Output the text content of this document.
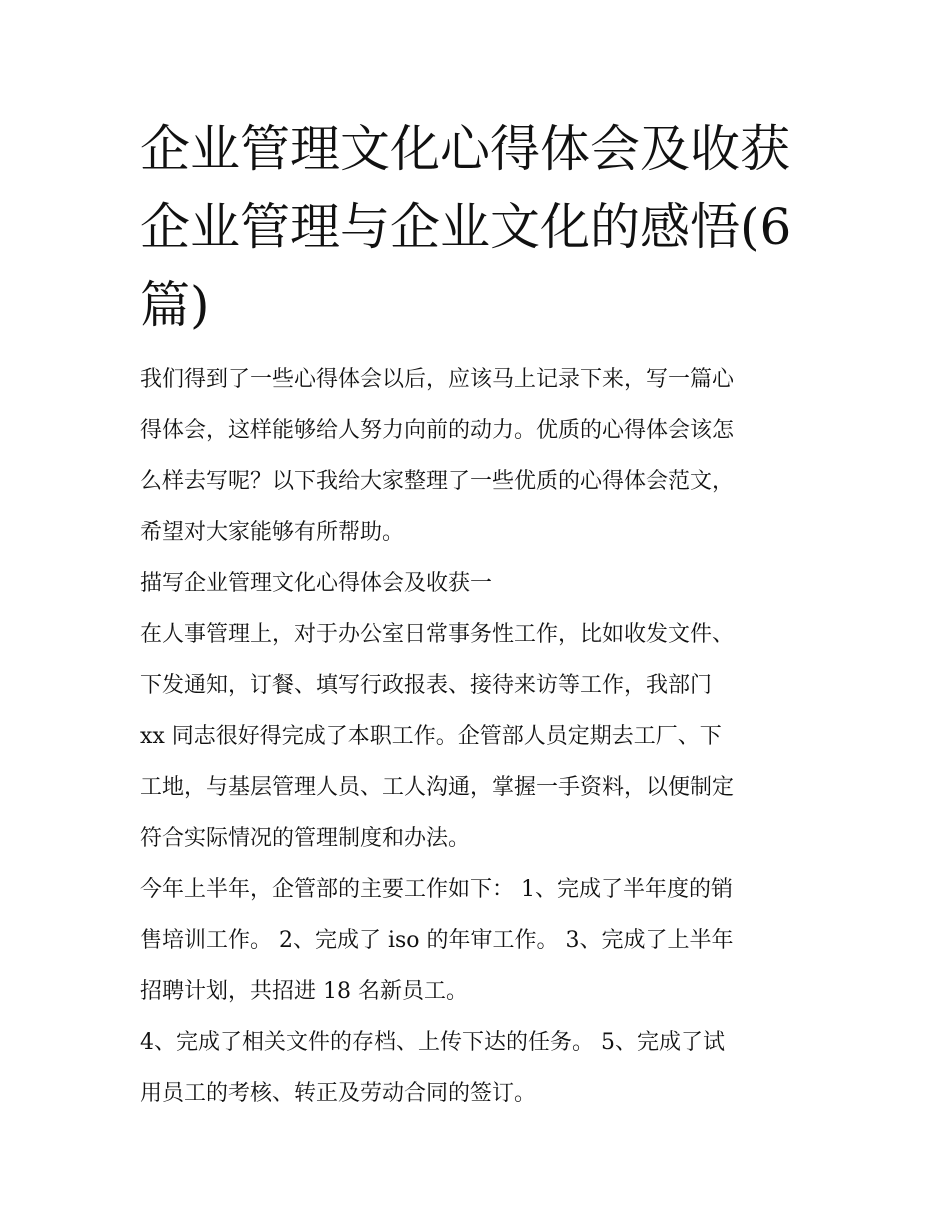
企业管理文化心得体会及收获
企业管理与企业文化的感悟(6
篇)

我们得到了一些心得体会以后，应该马上记录下来，写一篇心
得体会，这样能够给人努力向前的动力。优质的心得体会该怎
么样去写呢？以下我给大家整理了一些优质的心得体会范文，
希望对大家能够有所帮助。

描写企业管理文化心得体会及收获一

在人事管理上，对于办公室日常事务性工作，比如收发文件、
下发通知，订餐、填写行政报表、接待来访等工作，我部门
xx 同志很好得完成了本职工作。企管部人员定期去工厂、下
工地，与基层管理人员、工人沟通，掌握一手资料，以便制定
符合实际情况的管理制度和办法。

今年上半年，企管部的主要工作如下： 1、完成了半年度的销
售培训工作。 2、完成了 iso 的年审工作。 3、完成了上半年
招聘计划，共招进 18 名新员工。

4、完成了相关文件的存档、上传下达的任务。 5、完成了试
用员工的考核、转正及劳动合同的签订。
